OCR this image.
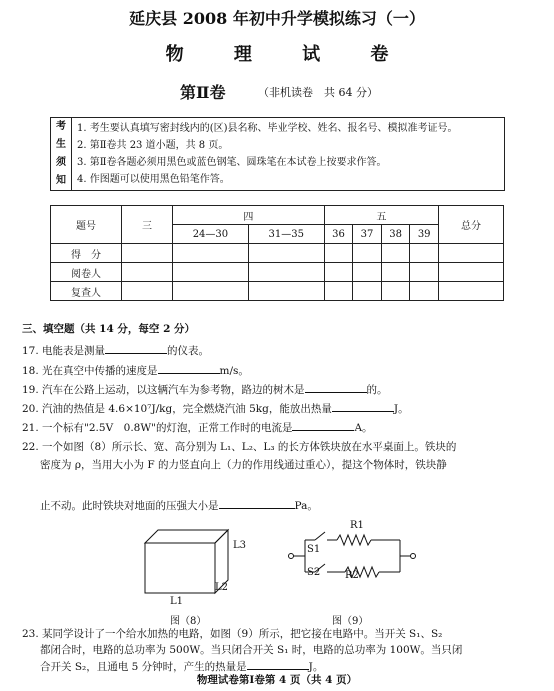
延庆县 2008 年初中升学模拟练习（一）
物 理 试 卷
第Ⅱ卷	（非机读卷　共 64 分）
考
生
须
知
1. 考生要认真填写密封线内的(区)县名称、毕业学校、姓名、报名号、模拟准考证号。
2. 第Ⅱ卷共 23 道小题，共 8 页。
3. 第Ⅱ卷各题必须用黑色或蓝色钢笔、圆珠笔在本试卷上按要求作答。
4. 作图题可以使用黑色铅笔作答。
题号	三	四		五				总分
		24—30	31—35	36	37	38	39	
得　分								
阅卷人								
复查人								
三、填空题（共 14 分，每空 2 分）
17. 电能表是测量	的仪表。
18. 光在真空中传播的速度是	m/s。
19. 汽车在公路上运动，以这辆汽车为参考物，路边的树木是	的。
20. 汽油的热值是 4.6×10⁷J/kg，完全燃烧汽油 5kg，能放出热量	J。
21. 一个标有"2.5V　0.8W"的灯泡，正常工作时的电流是	A。
22. 一个如图（8）所示长、宽、高分别为 L₁、L₂、L₃ 的长方体铁块放在水平桌面上。铁块的
密度为 ρ，当用大小为 F 的力竖直向上（力的作用线通过重心），提这个物体时，铁块静
止不动。此时铁块对地面的压强大小是	Pa。
L3
L2
L1
图（8）
R1
S1
S2 R2
图（9）
23. 某同学设计了一个给水加热的电路，如图（9）所示，把它接在电路中。当开关 S₁、S₂
都闭合时，电路的总功率为 500W。当只闭合开关 S₁ 时，电路的总功率为 100W。当只闭
合开关 S₂，且通电 5 分钟时，产生的热量是	J。
物理试卷第Ⅰ卷第 4 页（共 4 页）
